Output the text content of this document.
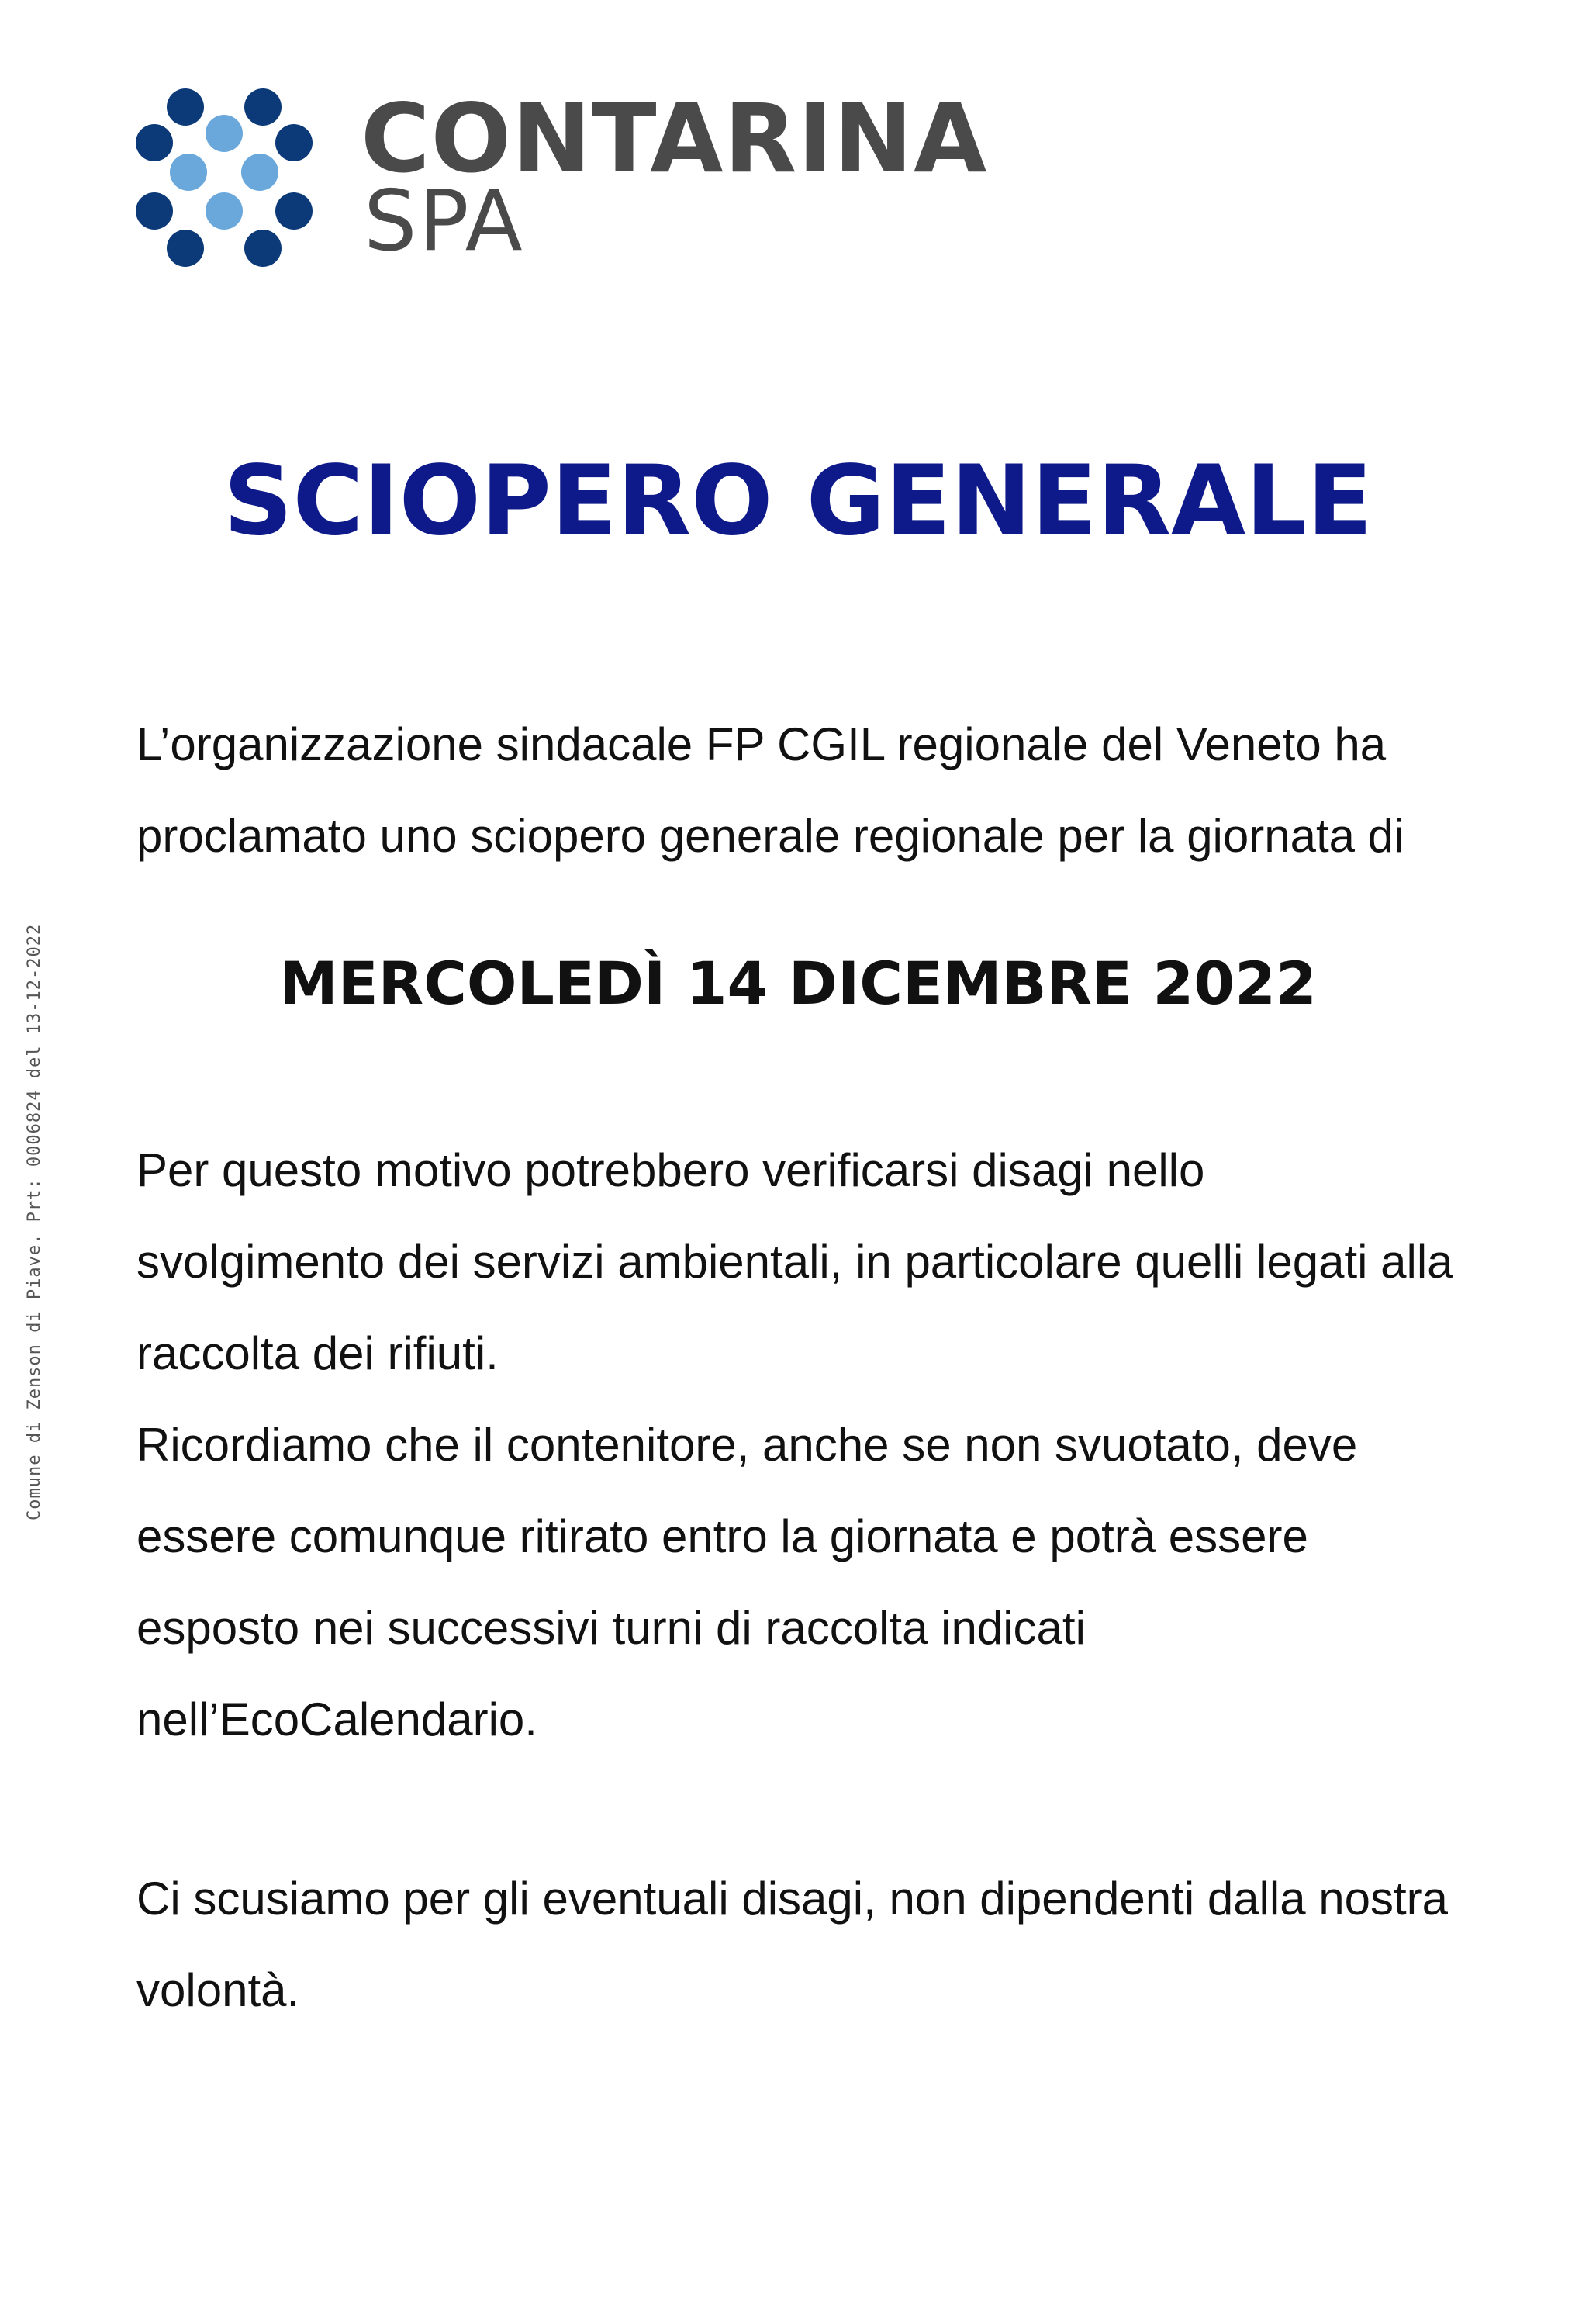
CONTARINA
SPA
Comune di Zenson di Piave. Prt: 0006824 del 13-12-2022
SCIOPERO GENERALE

L’organizzazione sindacale FP CGIL regionale del Veneto ha proclamato uno sciopero generale regionale per la giornata di

MERCOLEDÌ 14 DICEMBRE 2022
Per questo motivo potrebbero verificarsi disagi nello
svolgimento dei servizi ambientali, in particolare quelli legati alla
raccolta dei rifiuti.
Ricordiamo che il contenitore, anche se non svuotato, deve
essere comunque ritirato entro la giornata e potrà essere
esposto nei successivi turni di raccolta indicati
nell’EcoCalendario.

Ci scusiamo per gli eventuali disagi, non dipendenti dalla nostra volontà.
